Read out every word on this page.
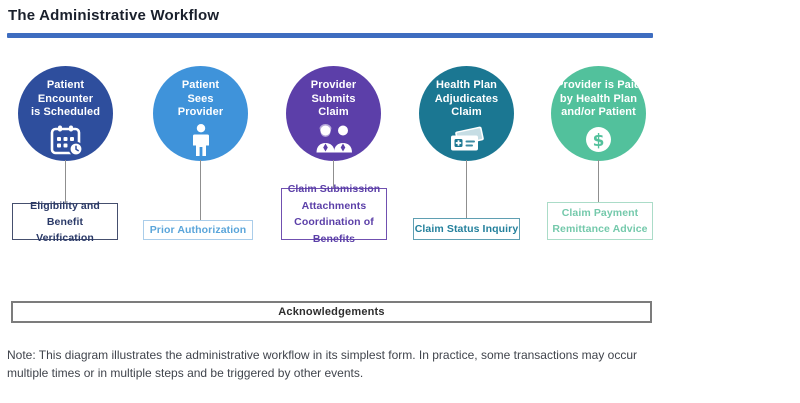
The Administrative Workflow
Patient
Encounter
is Scheduled
Eligibility and Benefit
Verification
Patient
Sees
Provider
Prior Authorization
Provider
Submits
Claim
Claim Submission
Attachments
Coordination of Benefits
Health Plan
Adjudicates
Claim
Claim Status Inquiry
Provider is Paid
by Health Plan
and/or Patient
$
Claim Payment
Remittance Advice
Acknowledgements
Note: This diagram illustrates the administrative workflow in its simplest form. In practice, some transactions may occur multiple times or in multiple steps and be triggered by other events.
